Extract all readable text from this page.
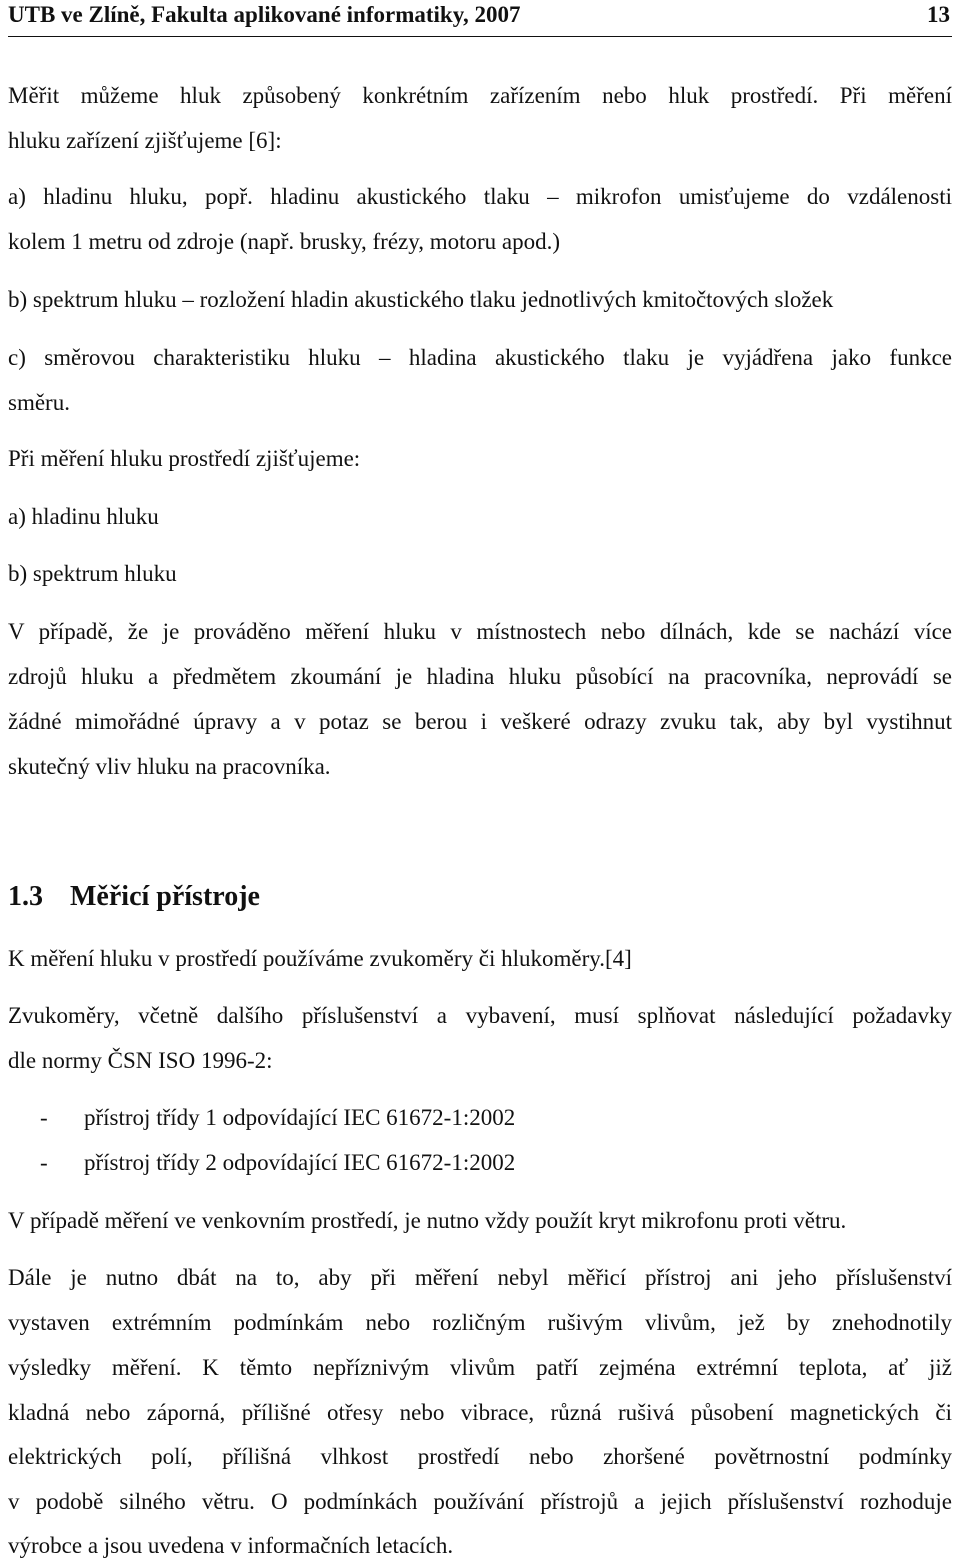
UTB ve Zlíně, Fakulta aplikované informatiky, 2007	13
Měřit můžeme hluk způsobený konkrétním zařízením nebo hluk prostředí. Při měření
hluku zařízení zjišťujeme [6]:
a) hladinu hluku, popř. hladinu akustického tlaku – mikrofon umisťujeme do vzdálenosti
kolem 1 metru od zdroje (např. brusky, frézy, motoru apod.)
b) spektrum hluku – rozložení hladin akustického tlaku jednotlivých kmitočtových složek
c) směrovou charakteristiku hluku – hladina akustického tlaku je vyjádřena jako funkce
směru.
Při měření hluku prostředí zjišťujeme:
a) hladinu hluku
b) spektrum hluku
V případě, že je prováděno měření hluku v místnostech nebo dílnách, kde se nachází více
zdrojů hluku a předmětem zkoumání je hladina hluku působící na pracovníka, neprovádí se
žádné mimořádné úpravy a v potaz se berou i veškeré odrazy zvuku tak, aby byl vystihnut
skutečný vliv hluku na pracovníka.
1.3 Měřicí přístroje
K měření hluku v prostředí používáme zvukoměry či hlukoměry.[4]
Zvukoměry, včetně dalšího příslušenství a vybavení, musí splňovat následující požadavky
dle normy ČSN ISO 1996-2:
- přístroj třídy 1 odpovídající IEC 61672-1:2002
- přístroj třídy 2 odpovídající IEC 61672-1:2002
V případě měření ve venkovním prostředí, je nutno vždy použít kryt mikrofonu proti větru.
Dále je nutno dbát na to, aby při měření nebyl měřicí přístroj ani jeho příslušenství
vystaven extrémním podmínkám nebo rozličným rušivým vlivům, jež by znehodnotily
výsledky měření. K těmto nepříznivým vlivům patří zejména extrémní teplota, ať již
kladná nebo záporná, přílišné otřesy nebo vibrace, různá rušivá působení magnetických či
elektrických polí, přílišná vlhkost prostředí nebo zhoršené povětrnostní podmínky
v podobě silného větru. O podmínkách používání přístrojů a jejich příslušenství rozhoduje
výrobce a jsou uvedena v informačních letacích.
